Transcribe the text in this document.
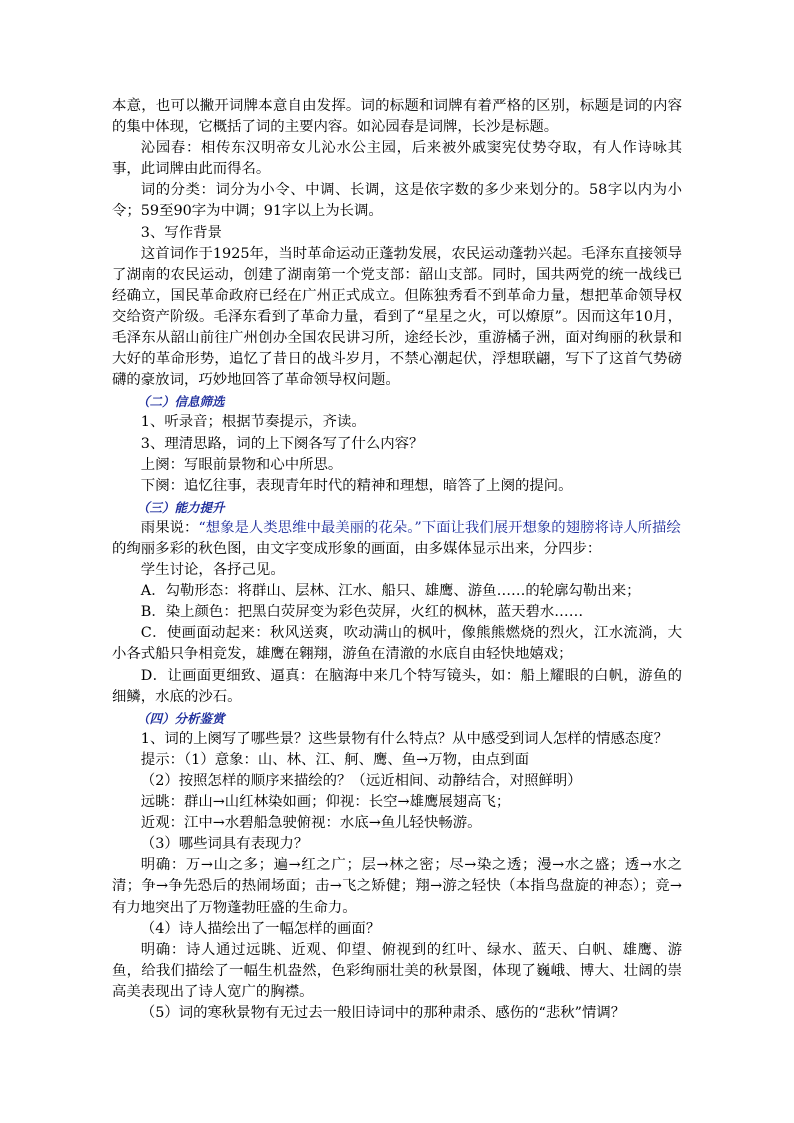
本意，也可以撇开词牌本意自由发挥。词的标题和词牌有着严格的区别，标题是词的内容的集中体现，它概括了词的主要内容。如沁园春是词牌，长沙是标题。

沁园春：相传东汉明帝女儿沁水公主园，后来被外戚窦宪仗势夺取，有人作诗咏其事，此词牌由此而得名。

词的分类：词分为小令、中调、长调，这是依字数的多少来划分的。58字以内为小令；59至90字为中调；91字以上为长调。

3、写作背景

这首词作于1925年，当时革命运动正蓬勃发展，农民运动蓬勃兴起。毛泽东直接领导了湖南的农民运动，创建了湖南第一个党支部：韶山支部。同时，国共两党的统一战线已经确立，国民革命政府已经在广州正式成立。但陈独秀看不到革命力量，想把革命领导权交给资产阶级。毛泽东看到了革命力量，看到了“星星之火，可以燎原”。因而这年10月，毛泽东从韶山前往广州创办全国农民讲习所，途经长沙，重游橘子洲，面对绚丽的秋景和大好的革命形势，追忆了昔日的战斗岁月，不禁心潮起伏，浮想联翩，写下了这首气势磅礴的豪放词，巧妙地回答了革命领导权问题。

（二）信息筛选

1、听录音；根据节奏提示，齐读。

3、理清思路，词的上下阕各写了什么内容？

上阕：写眼前景物和心中所思。

下阕：追忆往事，表现青年时代的精神和理想，暗答了上阕的提问。

（三）能力提升

雨果说：“想象是人类思维中最美丽的花朵。”下面让我们展开想象的翅膀将诗人所描绘

的绚丽多彩的秋色图，由文字变成形象的画面，由多媒体显示出来，分四步：

学生讨论，各抒己见。

A．勾勒形态：将群山、层林、江水、船只、雄鹰、游鱼……的轮廓勾勒出来；

B．染上颜色：把黑白荧屏变为彩色荧屏，火红的枫林，蓝天碧水……

C．使画面动起来：秋风送爽，吹动满山的枫叶，像熊熊燃烧的烈火，江水流淌，大小各式船只争相竞发，雄鹰在翱翔，游鱼在清澈的水底自由轻快地嬉戏；

D．让画面更细致、逼真：在脑海中来几个特写镜头，如：船上耀眼的白帆，游鱼的细鳞，水底的沙石。

（四）分析鉴赏

1、词的上阕写了哪些景？这些景物有什么特点？从中感受到词人怎样的情感态度？

提示：（1）意象：山、林、江、舸、鹰、鱼→万物，由点到面

（2）按照怎样的顺序来描绘的？（远近相间、动静结合，对照鲜明）

远眺：群山→山红林染如画；仰视：长空→雄鹰展翅高飞；

近观：江中→水碧船急驶俯视：水底→鱼儿轻快畅游。

（3）哪些词具有表现力？

明确：万→山之多；遍→红之广；层→林之密；尽→染之透；漫→水之盛；透→水之清；争→争先恐后的热闹场面；击→飞之矫健；翔→游之轻快（本指鸟盘旋的神态）；竞→有力地突出了万物蓬勃旺盛的生命力。

（4）诗人描绘出了一幅怎样的画面？

明确：诗人通过远眺、近观、仰望、俯视到的红叶、绿水、蓝天、白帆、雄鹰、游鱼，给我们描绘了一幅生机盎然，色彩绚丽壮美的秋景图，体现了巍峨、博大、壮阔的崇高美表现出了诗人宽广的胸襟。

（5）词的寒秋景物有无过去一般旧诗词中的那种肃杀、感伤的“悲秋”情调？
